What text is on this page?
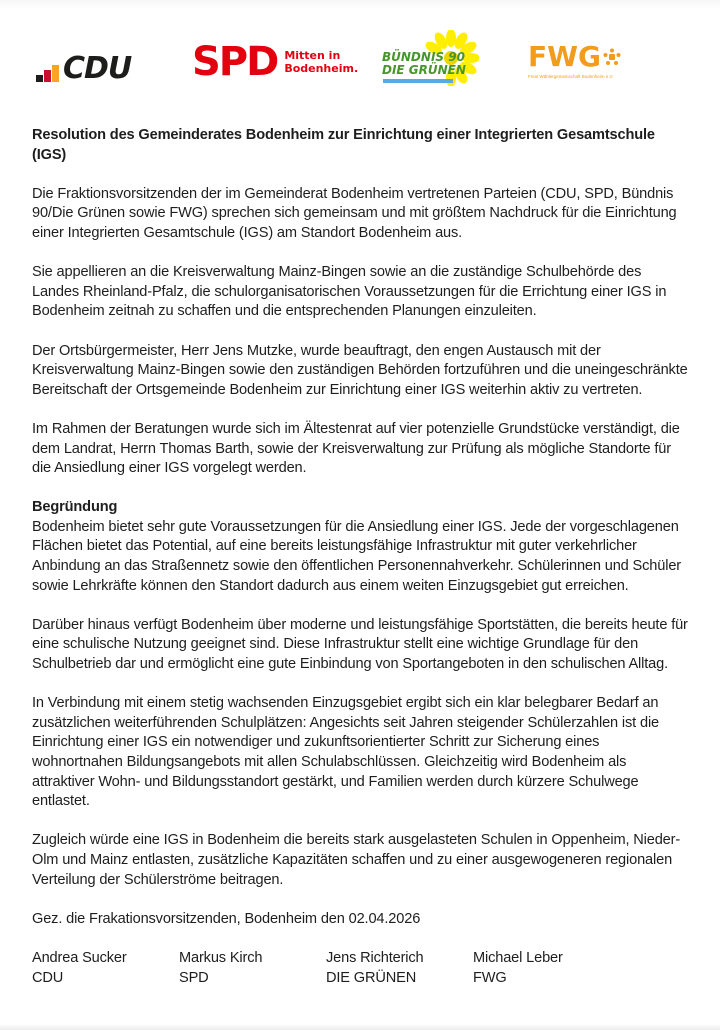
CDU SPD Mitten in
Bodenheim.
BÜNDNIS 90
DIE GRÜNEN FWG
Freie Wählergemeinschaft Bodenheim e.V.
Resolution des Gemeinderates Bodenheim zur Einrichtung einer Integrierten Gesamtschule (IGS)

Die Fraktionsvorsitzenden der im Gemeinderat Bodenheim vertretenen Parteien (CDU, SPD, Bündnis 90/Die Grünen sowie FWG) sprechen sich gemeinsam und mit größtem Nachdruck für die Einrichtung einer Integrierten Gesamtschule (IGS) am Standort Bodenheim aus.

Sie appellieren an die Kreisverwaltung Mainz-Bingen sowie an die zuständige Schulbehörde des Landes Rheinland-Pfalz, die schulorganisatorischen Voraussetzungen für die Errichtung einer IGS in Bodenheim zeitnah zu schaffen und die entsprechenden Planungen einzuleiten.

Der Ortsbürgermeister, Herr Jens Mutzke, wurde beauftragt, den engen Austausch mit der Kreisverwaltung Mainz-Bingen sowie den zuständigen Behörden fortzuführen und die uneingeschränkte Bereitschaft der Ortsgemeinde Bodenheim zur Einrichtung einer IGS weiterhin aktiv zu vertreten.

Im Rahmen der Beratungen wurde sich im Ältestenrat auf vier potenzielle Grundstücke verständigt, die dem Landrat, Herrn Thomas Barth, sowie der Kreisverwaltung zur Prüfung als mögliche Standorte für die Ansiedlung einer IGS vorgelegt werden.

Begründung

Bodenheim bietet sehr gute Voraussetzungen für die Ansiedlung einer IGS. Jede der vorgeschlagenen Flächen bietet das Potential, auf eine bereits leistungsfähige Infrastruktur mit guter verkehrlicher Anbindung an das Straßennetz sowie den öffentlichen Personennahverkehr. Schülerinnen und Schüler sowie Lehrkräfte können den Standort dadurch aus einem weiten Einzugsgebiet gut erreichen.

Darüber hinaus verfügt Bodenheim über moderne und leistungsfähige Sportstätten, die bereits heute für eine schulische Nutzung geeignet sind. Diese Infrastruktur stellt eine wichtige Grundlage für den Schulbetrieb dar und ermöglicht eine gute Einbindung von Sportangeboten in den schulischen Alltag.

In Verbindung mit einem stetig wachsenden Einzugsgebiet ergibt sich ein klar belegbarer Bedarf an zusätzlichen weiterführenden Schulplätzen: Angesichts seit Jahren steigender Schülerzahlen ist die Einrichtung einer IGS ein notwendiger und zukunftsorientierter Schritt zur Sicherung eines wohnortnahen Bildungsangebots mit allen Schulabschlüssen. Gleichzeitig wird Bodenheim als attraktiver Wohn- und Bildungsstandort gestärkt, und Familien werden durch kürzere Schulwege entlastet.

Zugleich würde eine IGS in Bodenheim die bereits stark ausgelasteten Schulen in Oppenheim, Nieder-Olm und Mainz entlasten, zusätzliche Kapazitäten schaffen und zu einer ausgewogeneren regionalen Verteilung der Schülerströme beitragen.

Gez. die Frakationsvorsitzenden, Bodenheim den 02.04.2026

Andrea Sucker
CDU
Markus Kirch
SPD
Jens Richterich
DIE GRÜNEN
Michael Leber
FWG
